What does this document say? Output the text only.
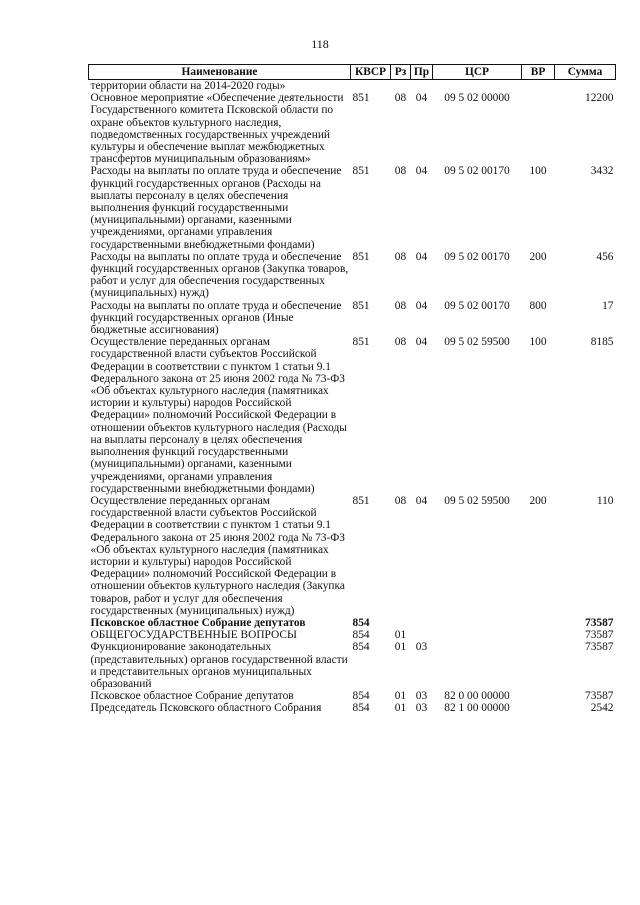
118
Наименование	КВСР	Рз	Пр	ЦСР	ВР	Сумма
территории области на 2014-2020 годы»						
Основное мероприятие «Обеспечение деятельности Государственного комитета Псковской области по охране объектов культурного наследия, подведомственных государственных учреждений культуры и обеспечение выплат межбюджетных трансфертов муниципальным образованиям»	851	08	04	09 5 02 00000		12200
Расходы на выплаты по оплате труда и обеспечение функций государственных органов (Расходы на выплаты персоналу в целях обеспечения выполнения функций государственными (муниципальными) органами, казенными учреждениями, органами управления государственными внебюджетными фондами)	851	08	04	09 5 02 00170	100	3432
Расходы на выплаты по оплате труда и обеспечение функций государственных органов (Закупка товаров, работ и услуг для обеспечения государственных (муниципальных) нужд)	851	08	04	09 5 02 00170	200	456
Расходы на выплаты по оплате труда и обеспечение функций государственных органов (Иные бюджетные ассигнования)	851	08	04	09 5 02 00170	800	17
Осуществление переданных органам государственной власти субъектов Российской Федерации в соответствии с пунктом 1 статьи 9.1 Федерального закона от 25 июня 2002 года № 73-ФЗ «Об объектах культурного наследия (памятниках истории и культуры) народов Российской Федерации» полномочий Российской Федерации в отношении объектов культурного наследия (Расходы на выплаты персоналу в целях обеспечения выполнения функций государственными (муниципальными) органами, казенными учреждениями, органами управления государственными внебюджетными фондами)	851	08	04	09 5 02 59500	100	8185
Осуществление переданных органам государственной власти субъектов Российской Федерации в соответствии с пунктом 1 статьи 9.1 Федерального закона от 25 июня 2002 года № 73-ФЗ «Об объектах культурного наследия (памятниках истории и культуры) народов Российской Федерации» полномочий Российской Федерации в отношении объектов культурного наследия (Закупка товаров, работ и услуг для обеспечения государственных (муниципальных) нужд)	851	08	04	09 5 02 59500	200	110
Псковское областное Собрание депутатов	854					73587
ОБЩЕГОСУДАРСТВЕННЫЕ ВОПРОСЫ	854	01				73587
Функционирование законодательных (представительных) органов государственной власти и представительных органов муниципальных образований	854	01	03			73587
Псковское областное Собрание депутатов	854	01	03	82 0 00 00000		73587
Председатель Псковского областного Собрания	854	01	03	82 1 00 00000		2542
